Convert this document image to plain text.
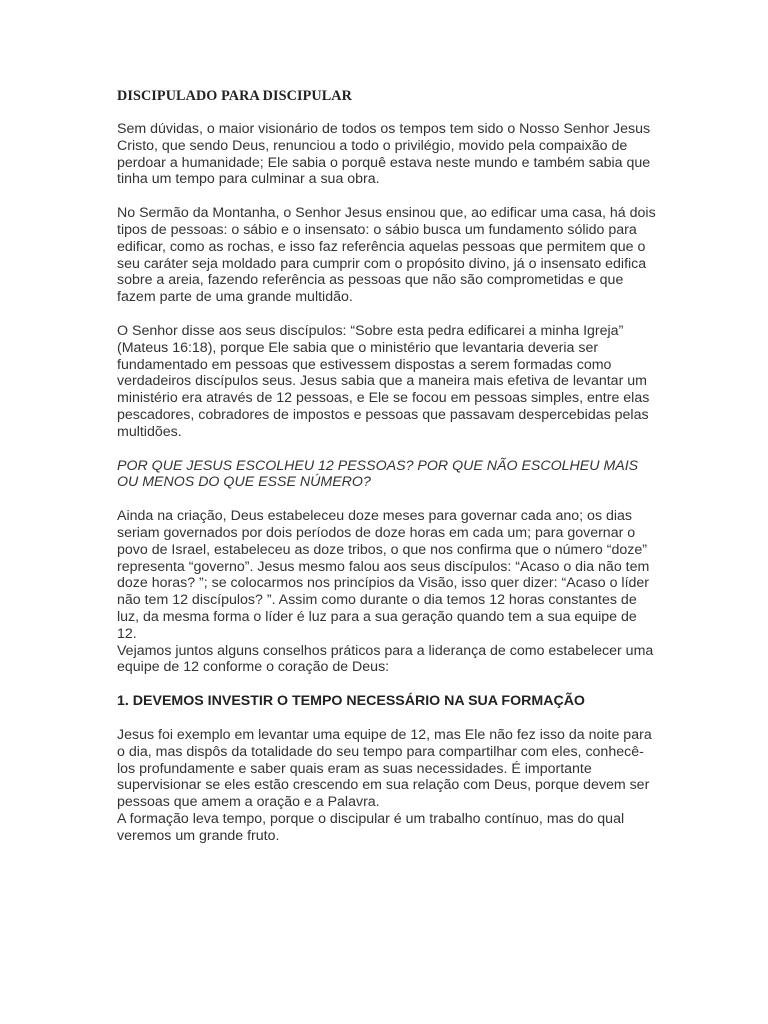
DISCIPULADO PARA DISCIPULAR

Sem dúvidas, o maior visionário de todos os tempos tem sido o Nosso Senhor Jesus Cristo, que sendo Deus, renunciou a todo o privilégio, movido pela compaixão de perdoar a humanidade; Ele sabia o porquê estava neste mundo e também sabia que tinha um tempo para culminar a sua obra.

No Sermão da Montanha, o Senhor Jesus ensinou que, ao edificar uma casa, há dois tipos de pessoas: o sábio e o insensato: o sábio busca um fundamento sólido para edificar, como as rochas, e isso faz referência aquelas pessoas que permitem que o seu caráter seja moldado para cumprir com o propósito divino, já o insensato edifica sobre a areia, fazendo referência as pessoas que não são comprometidas e que fazem parte de uma grande multidão.

O Senhor disse aos seus discípulos: “Sobre esta pedra edificarei a minha Igreja” (Mateus 16:18), porque Ele sabia que o ministério que levantaria deveria ser fundamentado em pessoas que estivessem dispostas a serem formadas como verdadeiros discípulos seus. Jesus sabia que a maneira mais efetiva de levantar um ministério era através de 12 pessoas, e Ele se focou em pessoas simples, entre elas pescadores, cobradores de impostos e pessoas que passavam despercebidas pelas multidões.

POR QUE JESUS ESCOLHEU 12 PESSOAS? POR QUE NÃO ESCOLHEU MAIS OU MENOS DO QUE ESSE NÚMERO?

Ainda na criação, Deus estabeleceu doze meses para governar cada ano; os dias seriam governados por dois períodos de doze horas em cada um; para governar o povo de Israel, estabeleceu as doze tribos, o que nos confirma que o número “doze” representa “governo”. Jesus mesmo falou aos seus discípulos: “Acaso o dia não tem doze horas? ”; se colocarmos nos princípios da Visão, isso quer dizer: “Acaso o líder não tem 12 discípulos? ”. Assim como durante o dia temos 12 horas constantes de luz, da mesma forma o líder é luz para a sua geração quando tem a sua equipe de 12.

Vejamos juntos alguns conselhos práticos para a liderança de como estabelecer uma equipe de 12 conforme o coração de Deus:

1. DEVEMOS INVESTIR O TEMPO NECESSÁRIO NA SUA FORMAÇÃO

Jesus foi exemplo em levantar uma equipe de 12, mas Ele não fez isso da noite para o dia, mas dispôs da totalidade do seu tempo para compartilhar com eles, conhecê-los profundamente e saber quais eram as suas necessidades. É importante supervisionar se eles estão crescendo em sua relação com Deus, porque devem ser pessoas que amem a oração e a Palavra.

A formação leva tempo, porque o discipular é um trabalho contínuo, mas do qual veremos um grande fruto.
